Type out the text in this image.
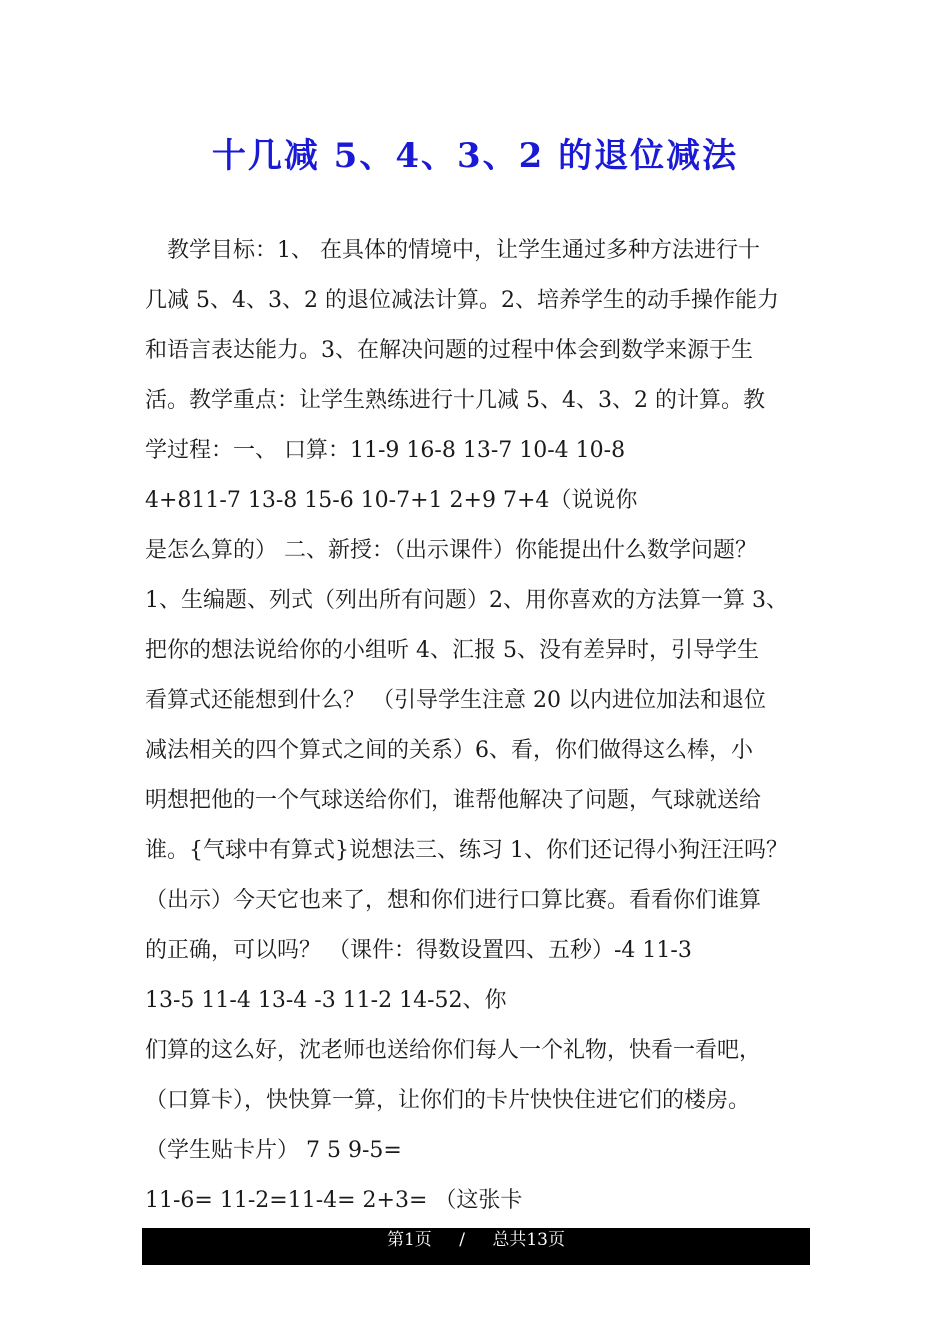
十几减 5、4、3、2 的退位减法
教学目标：1、 在具体的情境中，让学生通过多种方法进行十
几减 5、4、3、2 的退位减法计算。2、培养学生的动手操作能力
和语言表达能力。3、在解决问题的过程中体会到数学来源于生
活。教学重点：让学生熟练进行十几减 5、4、3、2 的计算。教
学过程：一、 口算：11-9 16-8 13-7 10-4 10-8
4+811-7 13-8 15-6 10-7+1 2+9 7+4（说说你
是怎么算的） 二、新授：（出示课件）你能提出什么数学问题？
1、生编题、列式（列出所有问题）2、用你喜欢的方法算一算 3、
把你的想法说给你的小组听 4、汇报 5、没有差异时，引导学生
看算式还能想到什么？ （引导学生注意 20 以内进位加法和退位
减法相关的四个算式之间的关系）6、看，你们做得这么棒，小
明想把他的一个气球送给你们，谁帮他解决了问题，气球就送给
谁。{气球中有算式}说想法三、练习 1、你们还记得小狗汪汪吗？
（出示）今天它也来了，想和你们进行口算比赛。看看你们谁算
的正确，可以吗？ （课件：得数设置四、五秒）-4 11-3
13-5 11-4 13-4 -3 11-2 14-52、你
们算的这么好，沈老师也送给你们每人一个礼物，快看一看吧，
（口算卡），快快算一算，让你们的卡片快快住进它们的楼房。
（学生贴卡片） 7 5 9-5=
11-6= 11-2=11-4= 2+3= （这张卡
第1页 / 总共13页
